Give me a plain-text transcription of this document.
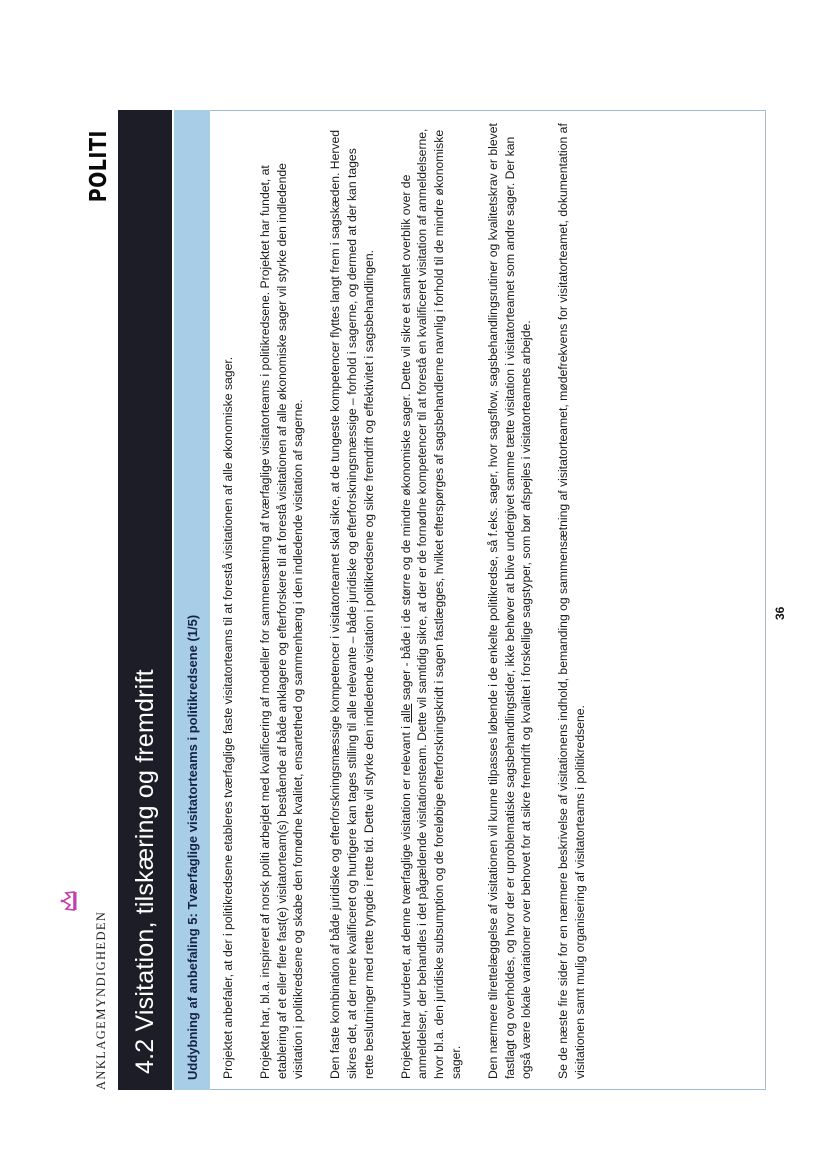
ANKLAGEMYNDIGHEDEN
POLITI
4.2 Visitation, tilskæring og fremdrift Uddybning af anbefaling 5: Tværfaglige visitatorteams i politikredsene (1/5) Projektet anbefaler, at der i politikredsene etableres tværfaglige faste visitatorteams til at forestå visitationen af alle økonomiske sager. Projektet har, bl.a. inspireret af norsk politi arbejdet med kvalificering af modeller for sammensætning af tværfaglige visitatorteams i politikredsene. Projektet har fundet, at etablering af et eller flere fast(e) visitatorteam(s) bestående af både anklagere og efterforskere til at forestå visitationen af alle økonomiske sager vil styrke den indledende visitation i politikredsene og skabe den fornødne kvalitet, ensartethed og sammenhæng i den indledende visitation af sagerne. Den faste kombination af både juridiske og efterforskningsmæssige kompetencer i visitatorteamet skal sikre, at de tungeste kompetencer flyttes langt frem i sagskæden. Herved sikres det, at der mere kvalificeret og hurtigere kan tages stilling til alle relevante – både juridiske og efterforskningsmæssige – forhold i sagerne, og dermed at der kan tages rette beslutninger med rette tyngde i rette tid. Dette vil styrke den indledende visitation i politikredsene og sikre fremdrift og effektivitet i sagsbehandlingen. Projektet har vurderet, at denne tværfaglige visitation er relevant i alle sager - både i de større og de mindre økonomiske sager. Dette vil sikre et samlet overblik over de anmeldelser, der behandles i det pågældende visitationsteam. Dette vil samtidig sikre, at der er de fornødne kompetencer til at forestå en kvalificeret visitation af anmeldelserne, hvor bl.a. den juridiske subsumption og de foreløbige efterforskningskridt i sagen fastlægges, hvilket efterspørges af sagsbehandlerne navnlig i forhold til de mindre økonomiske sager. Den nærmere tilrettelæggelse af visitationen vil kunne tilpasses løbende i de enkelte politikredse, så f.eks. sager, hvor sagsflow, sagsbehandlingsrutiner og kvalitetskrav er blevet fastlagt og overholdes, og hvor der er uproblematiske sagsbehandlingstider, ikke behøver at blive undergivet samme tætte visitation i visitatorteamet som andre sager. Der kan også være lokale variationer over behovet for at sikre fremdrift og kvalitet i forskellige sagstyper, som bør afspejles i visitatorteamets arbejde. Se de næste fire sider for en nærmere beskrivelse af visitationens indhold, bemanding og sammensætning af visitatorteamet, mødefrekvens for visitatorteamet, dokumentation af visitationen samt mulig organisering af visitatorteams i politikredsene.

36
